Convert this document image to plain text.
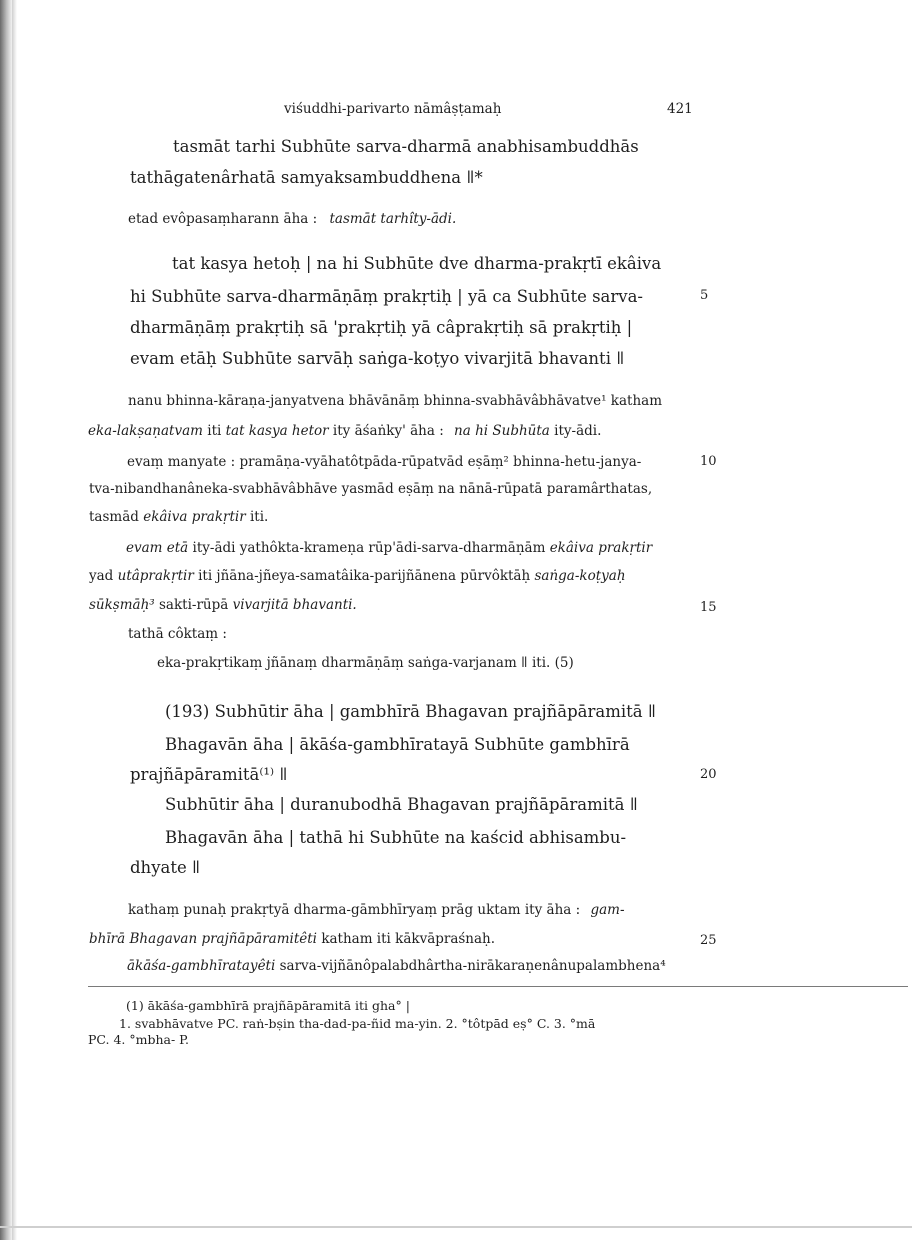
viśuddhi-parivarto nāmâṣṭamaḥ	421
tasmāt tarhi Subhūte sarva-dharmā anabhisambuddhās
tathāgatenârhatā samyaksambuddhena ǁ*
etad evôpasaṃharann āha : tasmāt tarhîty-ādi.
tat kasya hetoḥ | na hi Subhūte dve dharma-prakṛtī ekâiva
hi Subhūte sarva-dharmāṇāṃ prakṛtiḥ | yā ca Subhūte sarva-
dharmāṇāṃ prakṛtiḥ sā 'prakṛtiḥ yā câprakṛtiḥ sā prakṛtiḥ |
evam etāḥ Subhūte sarvāḥ saṅga-koṭyo vivarjitā bhavanti ǁ
5
nanu bhinna-kāraṇa-janyatvena bhāvānāṃ bhinna-svabhāvâbhāvatve¹ katham
eka-lakṣaṇatvam iti tat kasya hetor ity āśaṅky' āha : na hi Subhūta ity-ādi.
evaṃ manyate : pramāṇa-vyāhatôtpāda-rūpatvād eṣāṃ² bhinna-hetu-janya-	10
tva-nibandhanânekа-svabhāvâbhāve yasmād eṣāṃ na nānā-rūpatā paramârthatas,
tasmād ekâiva prakṛtir iti.
evam etā ity-ādi yathôkta-krameṇa rūp'ādi-sarva-dharmāṇām ekâiva prakṛtir
yad utâprakṛtir iti jñāna-jñeya-samatâika-parijñānena pūrvôktāḥ saṅga-koṭyaḥ
sūkṣmāḥ³ sakti-rūpā vivarjitā bhavanti.	15
tathā côktaṃ :
eka-prakṛtikaṃ jñānaṃ dharmāṇāṃ saṅga-varjanam ǁ iti. (5)
(193) Subhūtir āha | gambhīrā Bhagavan prajñāpāramitā ǁ
Bhagavān āha | ākāśa-gambhīratayā Subhūte gambhīrā
prajñāpāramitā⁽¹⁾ ǁ	20
Subhūtir āha | duranubodhā Bhagavan prajñāpāramitā ǁ
Bhagavān āha | tathā hi Subhūte na kaścid abhisambu-
dhyate ǁ
kathaṃ punaḥ prakṛtyā dharma-gāmbhīryaṃ prāg uktam ity āha : gam-
bhīrā Bhagavan prajñāpāramitêti katham iti kākvāpraśnaḥ.	25
ākāśa-gambhīratayêti sarva-vijñānôpalabdhârtha-nirākaraṇenânupalambhena⁴
(1) ākāśa-gambhīrā prajñāpāramitā iti gha° |
1. svabhāvatve PC. raṅ-bṣin tha-dad-pa-ñid ma-yin. 2. °tôtpād eṣ° C. 3. °mā
PC. 4. °mbha- P.
